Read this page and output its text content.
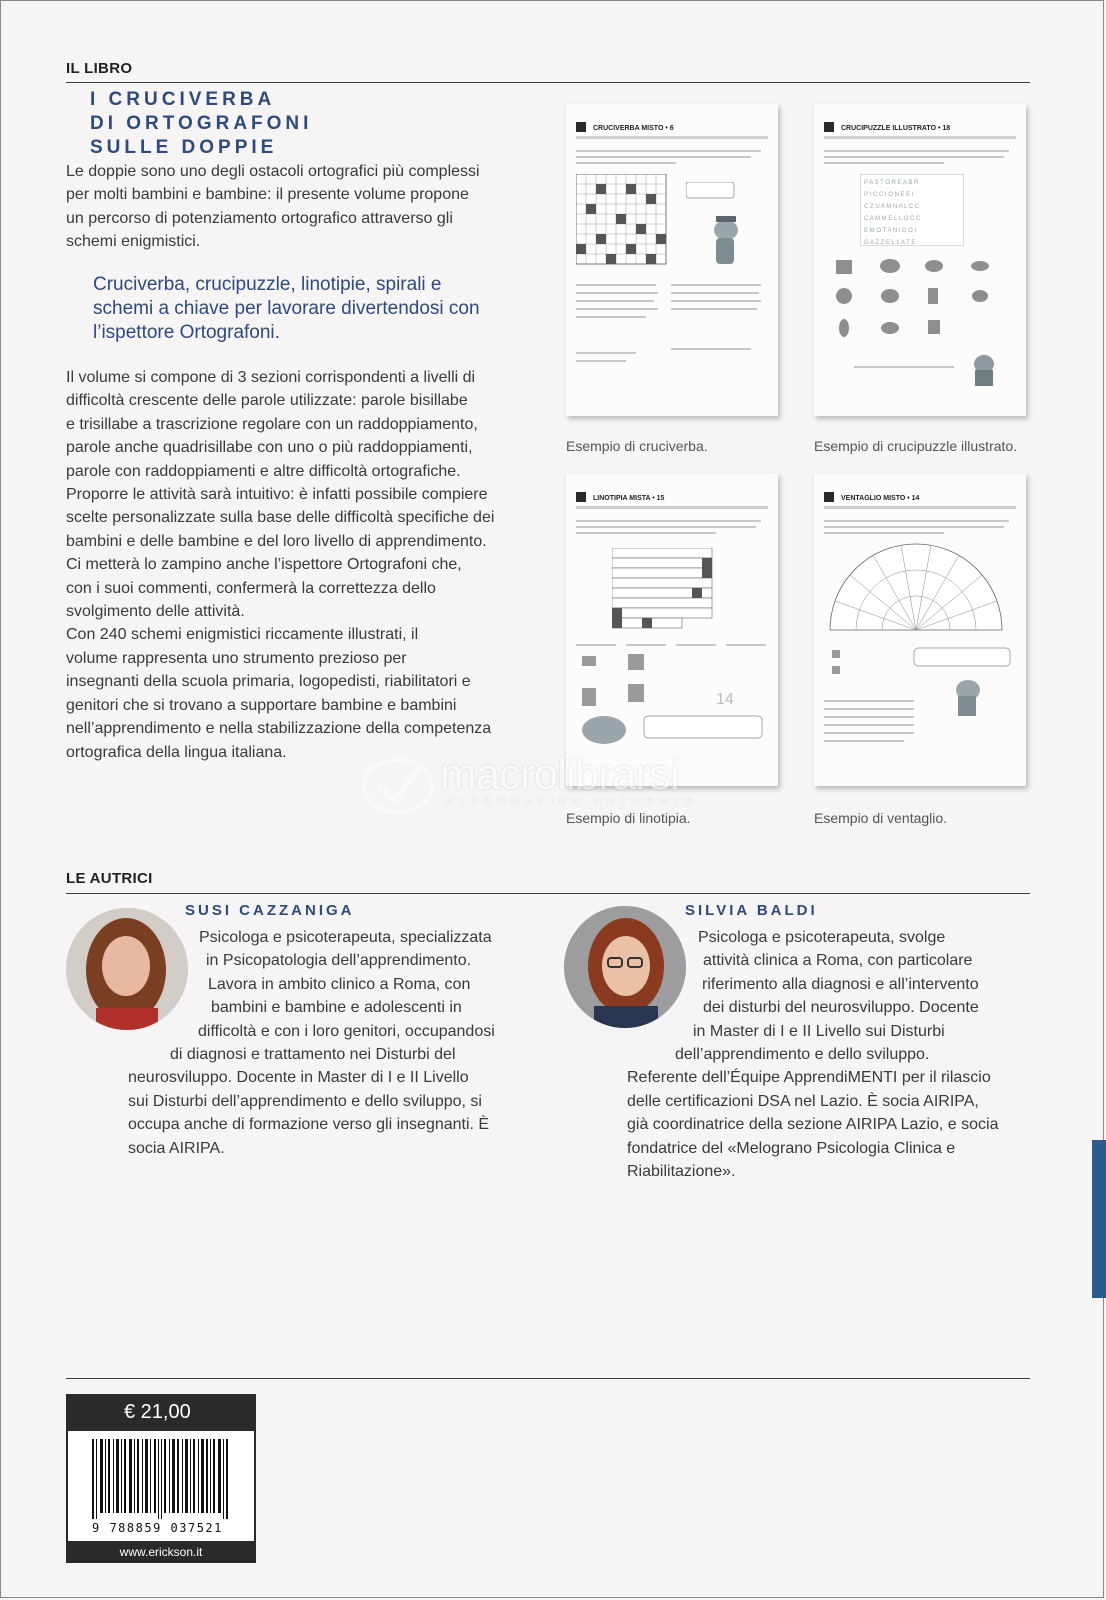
IL LIBRO
I CRUCIVERBA
DI ORTOGRAFONI
SULLE DOPPIE
Le doppie sono uno degli ostacoli ortografici più complessi
per molti bambini e bambine: il presente volume propone
un percorso di potenziamento ortografico attraverso gli
schemi enigmistici.
Cruciverba, crucipuzzle, linotipie, spirali e
schemi a chiave per lavorare divertendosi con
l’ispettore Ortografoni.
Il volume si compone di 3 sezioni corrispondenti a livelli di
difficoltà crescente delle parole utilizzate: parole bisillabe
e trisillabe a trascrizione regolare con un raddoppiamento,
parole anche quadrisillabe con uno o più raddoppiamenti,
parole con raddoppiamenti e altre difficoltà ortografiche.
Proporre le attività sarà intuitivo: è infatti possibile compiere
scelte personalizzate sulla base delle difficoltà specifiche dei
bambini e delle bambine e del loro livello di apprendimento.
Ci metterà lo zampino anche l’ispettore Ortografoni che,
con i suoi commenti, confermerà la correttezza dello
svolgimento delle attività.
Con 240 schemi enigmistici riccamente illustrati, il
volume rappresenta uno strumento prezioso per
insegnanti della scuola primaria, logopedisti, riabilitatori e
genitori che si trovano a supportare bambine e bambini
nell’apprendimento e nella stabilizzazione della competenza
ortografica della lingua italiana.
CRUCIVERBA MISTO • 6
Esempio di cruciverba.
CRUCIPUZZLE ILLUSTRATO • 18
P A S T O R E A B R
P I C C I O N E E I
C Z U A M N A L C C
C A M M E L L O C C
E M O T A N I D O I
G A Z Z E L L A T E
Esempio di crucipuzzle illustrato.
LINOTIPIA MISTA • 15
14
Esempio di linotipia.
VENTAGLIO MISTO • 14
Esempio di ventaglio.
macrolibrarsi
ALTERNATIVA NATURALE
LE AUTRICI
SUSI CAZZANIGA
Psicologa e psicoterapeuta, specializzata
in Psicopatologia dell’apprendimento.
Lavora in ambito clinico a Roma, con
bambini e bambine e adolescenti in
difficoltà e con i loro genitori, occupandosi
di diagnosi e trattamento nei Disturbi del
neurosviluppo. Docente in Master di I e II Livello
sui Disturbi dell’apprendimento e dello sviluppo, si
occupa anche di formazione verso gli insegnanti. È
socia AIRIPA.
SILVIA BALDI
Psicologa e psicoterapeuta, svolge
attività clinica a Roma, con particolare
riferimento alla diagnosi e all’intervento
dei disturbi del neurosviluppo. Docente
in Master di I e II Livello sui Disturbi
dell’apprendimento e dello sviluppo.
Referente dell’Équipe ApprendiMENTI per il rilascio
delle certificazioni DSA nel Lazio. È socia AIRIPA,
già coordinatrice della sezione AIRIPA Lazio, e socia
fondatrice del «Melograno Psicologia Clinica e
Riabilitazione».
€ 21,00
9 788859 037521
www.erickson.it
